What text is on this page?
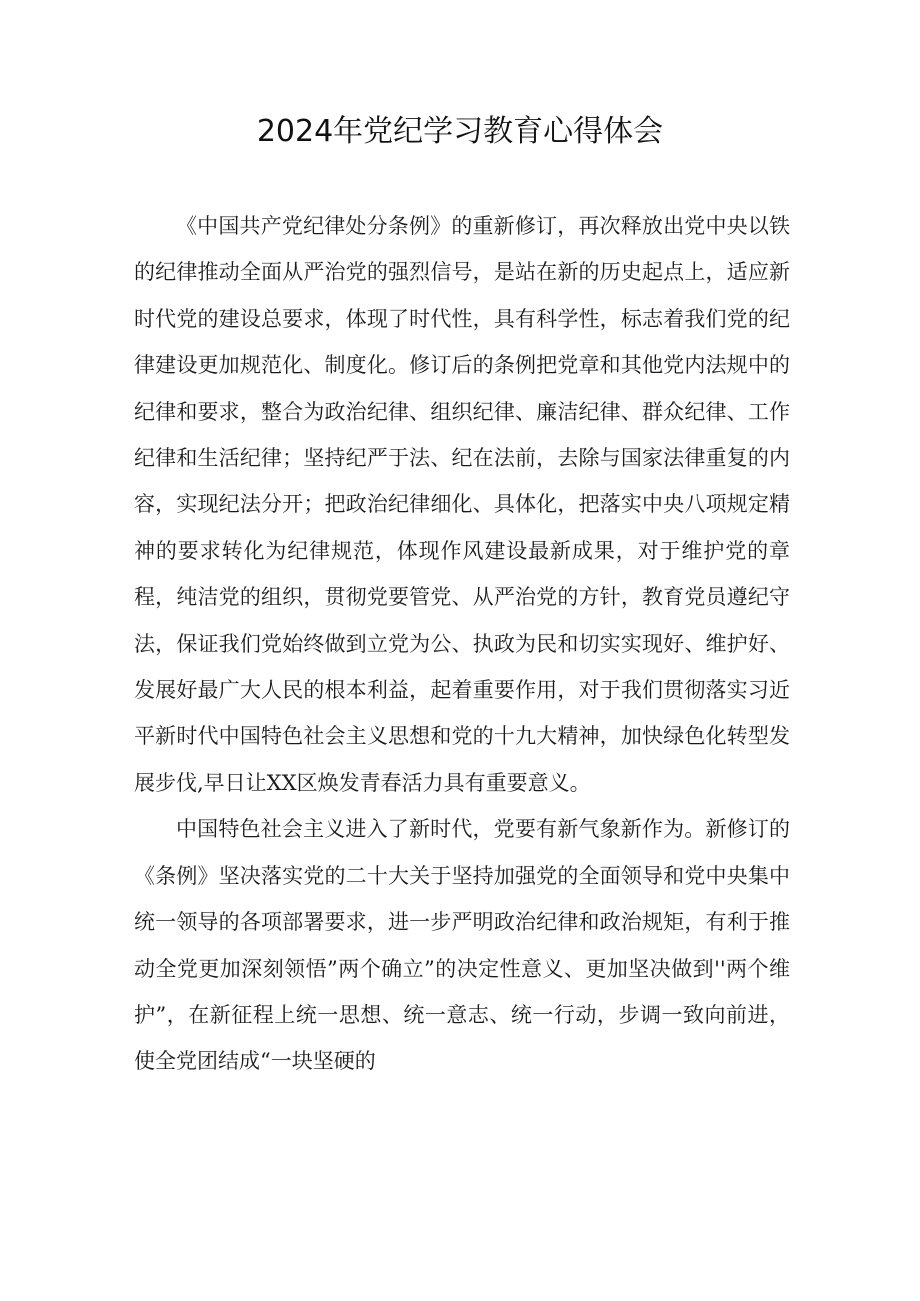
2024年党纪学习教育心得体会

《中国共产党纪律处分条例》的重新修订，再次释放出党中央以铁的纪律推动全面从严治党的强烈信号，是站在新的历史起点上，适应新时代党的建设总要求，体现了时代性，具有科学性，标志着我们党的纪律建设更加规范化、制度化。修订后的条例把党章和其他党内法规中的纪律和要求，整合为政治纪律、组织纪律、廉洁纪律、群众纪律、工作纪律和生活纪律；坚持纪严于法、纪在法前，去除与国家法律重复的内容，实现纪法分开；把政治纪律细化、具体化，把落实中央八项规定精神的要求转化为纪律规范，体现作风建设最新成果，对于维护党的章程，纯洁党的组织，贯彻党要管党、从严治党的方针，教育党员遵纪守法，保证我们党始终做到立党为公、执政为民和切实实现好、维护好、发展好最广大人民的根本利益，起着重要作用，对于我们贯彻落实习近平新时代中国特色社会主义思想和党的十九大精神，加快绿色化转型发展步伐,早日让XX区焕发青春活力具有重要意义。

中国特色社会主义进入了新时代，党要有新气象新作为。新修订的《条例》坚决落实党的二十大关于坚持加强党的全面领导和党中央集中统一领导的各项部署要求，进一步严明政治纪律和政治规矩，有利于推动全党更加深刻领悟”两个确立”的决定性意义、更加坚决做到''两个维护”，在新征程上统一思想、统一意志、统一行动，步调一致向前进，使全党团结成“一块坚硬的
